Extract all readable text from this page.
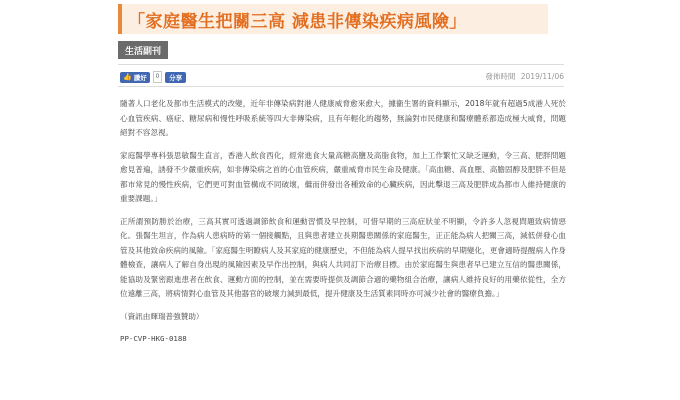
「家庭醫生把關三高 減患非傳染疾病風險」
生活副刊
👍 讚好	0	分享	發佈時間 2019/11/06

隨著人口老化及都市生活模式的改變，近年非傳染病對港人健康威脅愈來愈大，據衞生署的資料顯示，2018年就有超過5成港人死於心血管疾病、癌症、糖尿病和慢性呼吸系統等四大非傳染病，且有年輕化的趨勢，無論對市民健康和醫療體系都造成極大威脅，問題絕對不容忽視。

家庭醫學專科張思敏醫生直言，香港人飲食西化，經常進食大量高糖高鹽及高脂食物，加上工作繁忙又缺乏運動，令三高、肥胖問題愈見普遍，誘發不少嚴重疾病，如非傳染病之首的心血管疾病，嚴重威脅市民生命及健康。「高血糖、高血壓、高膽固醇及肥胖不但是都市常見的慢性疾病，它們更可對血管構成不同破壞，繼而併發出各種致命的心臟疾病，因此擊退三高及肥胖成為都市人維持健康的重要課題。」

正所謂預防勝於治療，三高其實可透過調節飲食和運動習慣及早控制，可惜早期的三高症狀並不明顯，令許多人忽視問題致病情惡化。張醫生坦言，作為病人患病時的第一個接觸點，且與患者建立長期醫患關係的家庭醫生，正正能為病人把關三高，減低併發心血管及其他致命疾病的風險。「家庭醫生明瞭病人及其家庭的健康歷史，不但能為病人提早找出疾病的早期變化，更會適時提醒病人作身體檢查，讓病人了解自身出現的風險因素及早作出控制，與病人共同訂下治療目標。由於家庭醫生與患者早已建立互信的醫患關係，能協助及緊密跟進患者在飲食、運動方面的控制，並在需要時提供及調節合適的藥物組合治療，讓病人維持良好的用藥依從性，全方位遠離三高，將病情對心血管及其他器官的破壞力減到最低，提升健康及生活質素同時亦可減少社會的醫療負擔。」

（資訊由輝瑞普強贊助）

PP-CVP-HKG-0188
